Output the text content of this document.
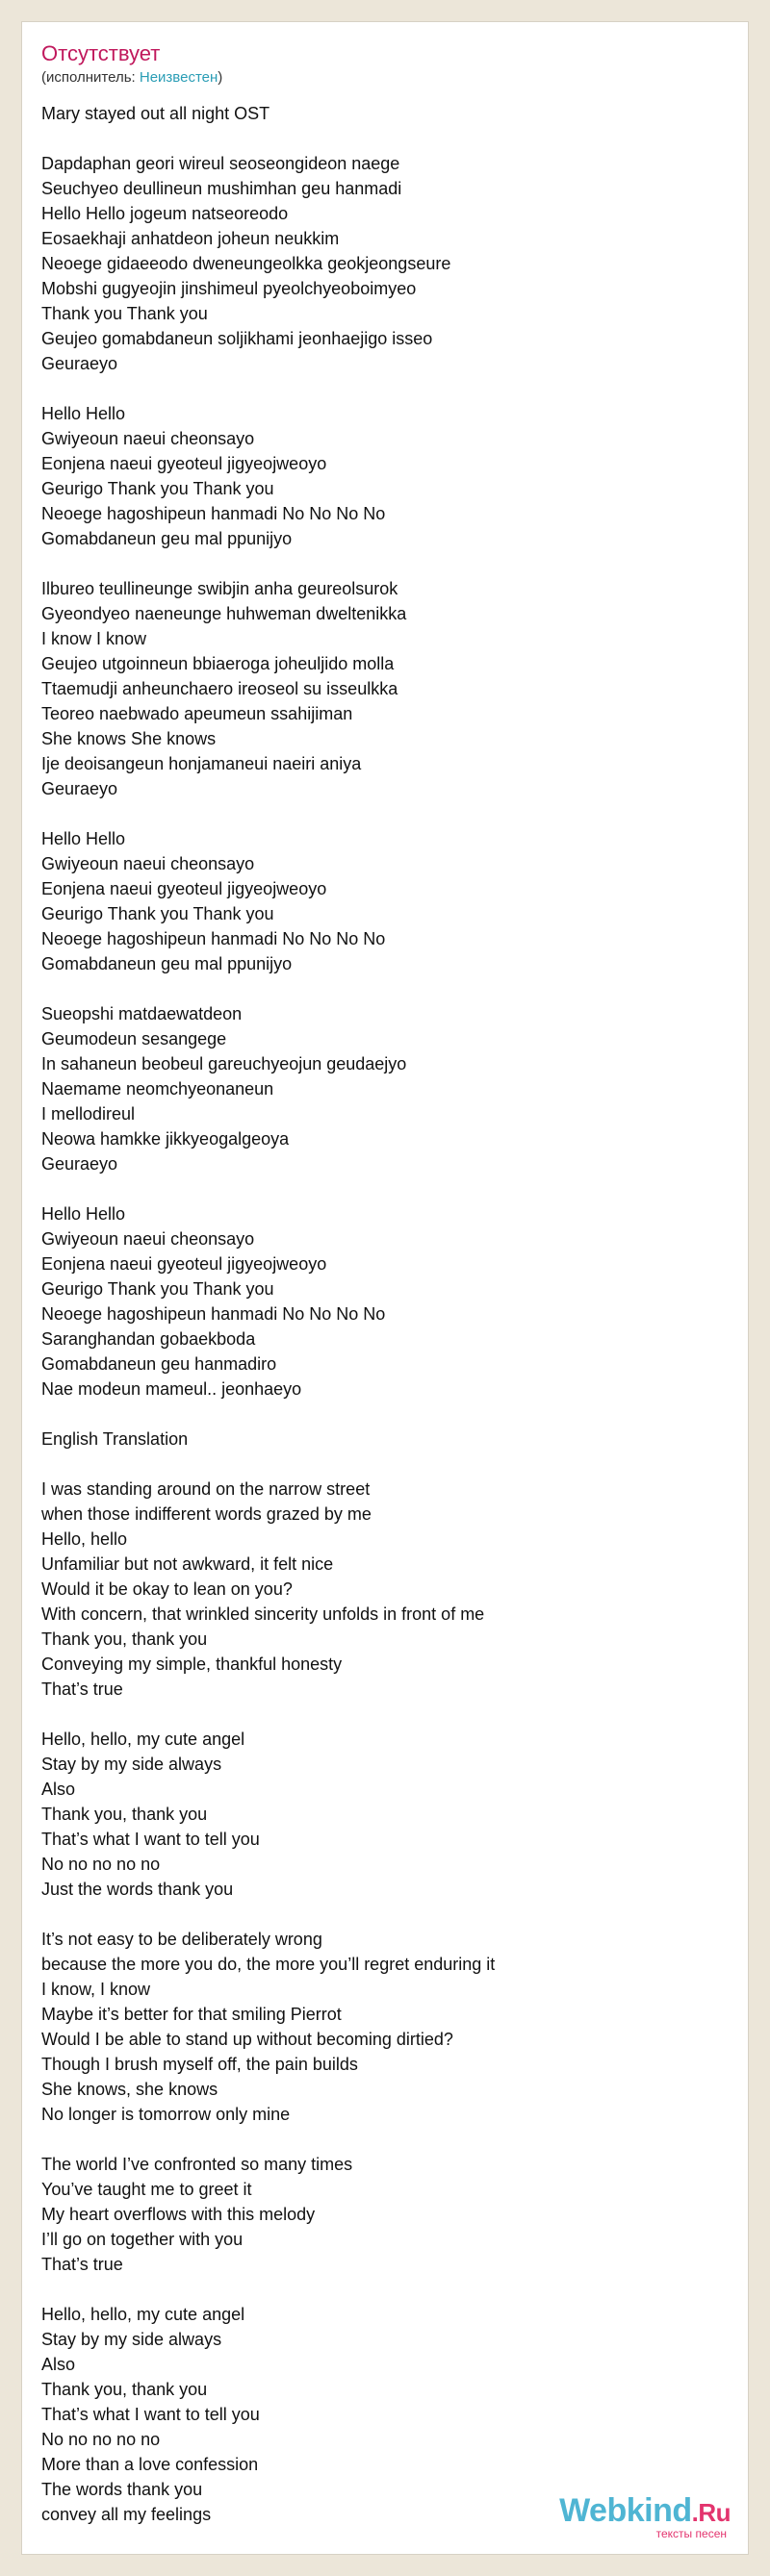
Отсутствует
(исполнитель: Неизвестен)
Mary stayed out all night OST
Dapdaphan geori wireul seoseongideon naege
Seuchyeo deullineun mushimhan geu hanmadi
Hello Hello jogeum natseoreodo
Eosaekhaji anhatdeon joheun neukkim
Neoege gidaeeodo dweneungeolkka geokjeongseure
Mobshi gugyeojin jinshimeul pyeolchyeoboimyeo
Thank you Thank you
Geujeo gomabdaneun soljikhami jeonhaejigo isseo
Geuraeyo
Hello Hello
Gwiyeoun naeui cheonsayo
Eonjena naeui gyeoteul jigyeojweoyo
Geurigo Thank you Thank you
Neoege hagoshipeun hanmadi No No No No
Gomabdaneun geu mal ppunijyo
Ilbureo teullineunge swibjin anha geureolsurok
Gyeondyeo naeneunge huhweman dweltenikka
I know I know
Geujeo utgoinneun bbiaeroga joheuljido molla
Ttaemudji anheunchaero ireoseol su isseulkka
Teoreo naebwado apeumeun ssahijiman
She knows She knows
Ije deoisangeun honjamaneui naeiri aniya
Geuraeyo
Hello Hello
Gwiyeoun naeui cheonsayo
Eonjena naeui gyeoteul jigyeojweoyo
Geurigo Thank you Thank you
Neoege hagoshipeun hanmadi No No No No
Gomabdaneun geu mal ppunijyo
Sueopshi matdaewatdeon
Geumodeun sesangege
In sahaneun beobeul gareuchyeojun geudaejyo
Naemame neomchyeonaneun
I mellodireul
Neowa hamkke jikkyeogalgeoya
Geuraeyo
Hello Hello
Gwiyeoun naeui cheonsayo
Eonjena naeui gyeoteul jigyeojweoyo
Geurigo Thank you Thank you
Neoege hagoshipeun hanmadi No No No No
Saranghandan gobaekboda
Gomabdaneun geu hanmadiro
Nae modeun mameul.. jeonhaeyo
English Translation
I was standing around on the narrow street
when those indifferent words grazed by me
Hello, hello
Unfamiliar but not awkward, it felt nice
Would it be okay to lean on you?
With concern, that wrinkled sincerity unfolds in front of me
Thank you, thank you
Conveying my simple, thankful honesty
That’s true
Hello, hello, my cute angel
Stay by my side always
Also
Thank you, thank you
That’s what I want to tell you
No no no no no
Just the words thank you
It’s not easy to be deliberately wrong
because the more you do, the more you’ll regret enduring it
I know, I know
Maybe it’s better for that smiling Pierrot
Would I be able to stand up without becoming dirtied?
Though I brush myself off, the pain builds
She knows, she knows
No longer is tomorrow only mine
The world I’ve confronted so many times
You’ve taught me to greet it
My heart overflows with this melody
I’ll go on together with you
That’s true
Hello, hello, my cute angel
Stay by my side always
Also
Thank you, thank you
That’s what I want to tell you
No no no no no
More than a love confession
The words thank you
convey all my feelings	Webkind.Ru
тексты песен
